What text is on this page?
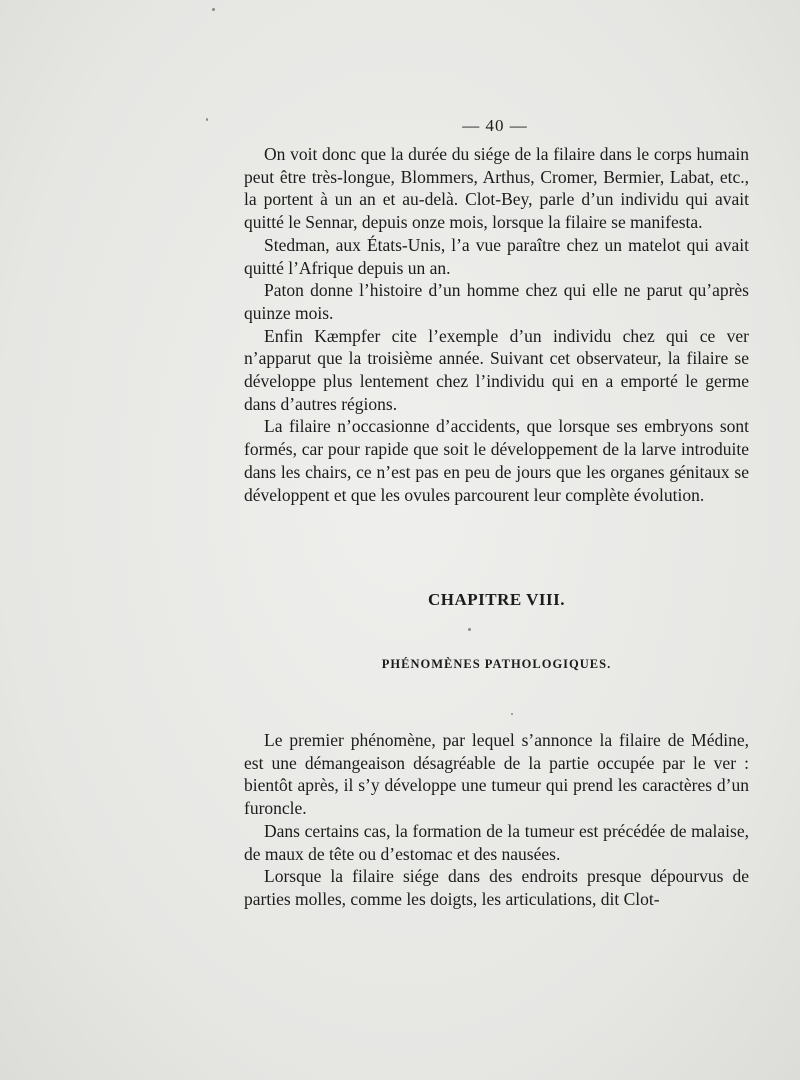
— 40 —

On voit donc que la durée du siége de la filaire dans le corps humain peut être très-longue, Blommers, Arthus, Cromer, Bermier, Labat, etc., la portent à un an et au-delà. Clot-Bey, parle d’un individu qui avait quitté le Sennar, depuis onze mois, lorsque la filaire se manifesta.

Stedman, aux États-Unis, l’a vue paraître chez un matelot qui avait quitté l’Afrique depuis un an.

Paton donne l’histoire d’un homme chez qui elle ne parut qu’après quinze mois.

Enfin Kæmpfer cite l’exemple d’un individu chez qui ce ver n’apparut que la troisième année. Suivant cet observateur, la filaire se développe plus lentement chez l’individu qui en a emporté le germe dans d’autres régions.

La filaire n’occasionne d’accidents, que lorsque ses embryons sont formés, car pour rapide que soit le développement de la larve introduite dans les chairs, ce n’est pas en peu de jours que les organes génitaux se développent et que les ovules parcourent leur complète évolution.

CHAPITRE VIII.
PHÉNOMÈNES PATHOLOGIQUES.

Le premier phénomène, par lequel s’annonce la filaire de Médine, est une démangeaison désagréable de la partie occupée par le ver : bientôt après, il s’y développe une tumeur qui prend les caractères d’un furoncle.

Dans certains cas, la formation de la tumeur est précédée de malaise, de maux de tête ou d’estomac et des nausées.

Lorsque la filaire siége dans des endroits presque dépourvus de parties molles, comme les doigts, les articulations, dit Clot-
